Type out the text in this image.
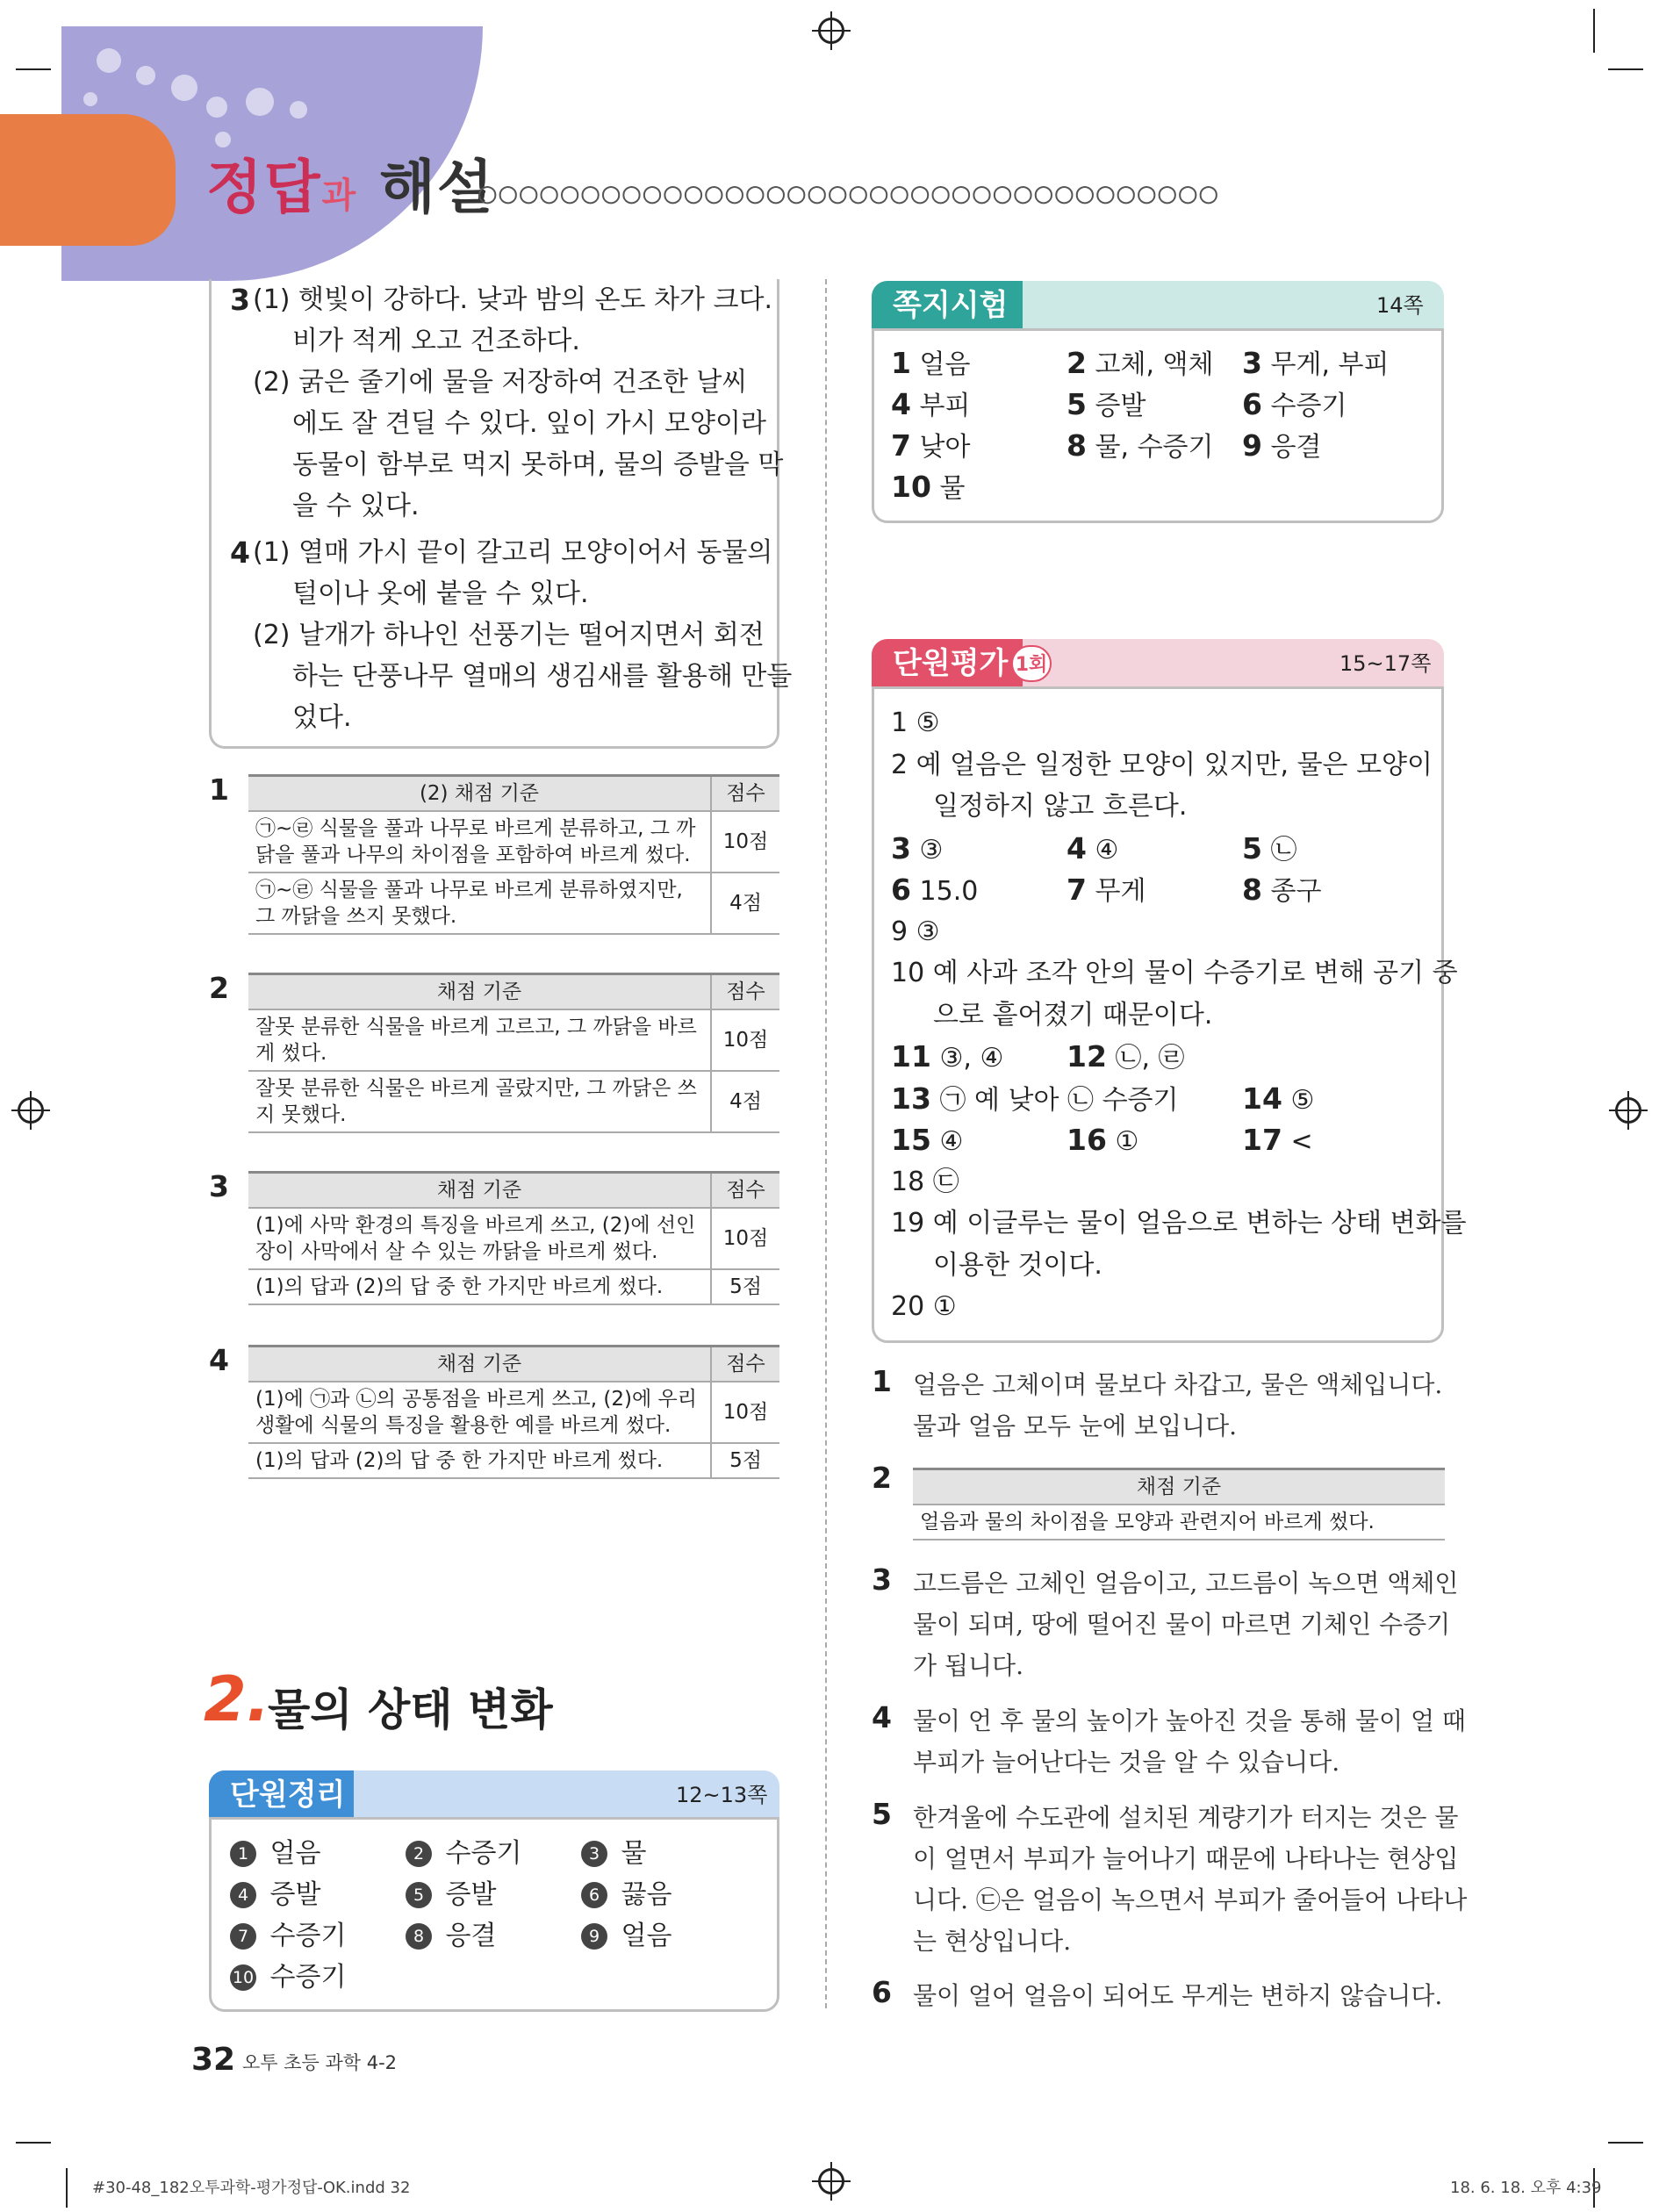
정답과 해설
○○○○○○○○○○○○○○○○○○○○○○○○○○○○○○○○○○○○
3 (1) 햇빛이 강하다. 낮과 밤의 온도 차가 크다.
비가 적게 오고 건조하다.
(2) 굵은 줄기에 물을 저장하여 건조한 날씨
에도 잘 견딜 수 있다. 잎이 가시 모양이라
동물이 함부로 먹지 못하며, 물의 증발을 막
을 수 있다.
4 (1) 열매 가시 끝이 갈고리 모양이어서 동물의
털이나 옷에 붙을 수 있다.
(2) 날개가 하나인 선풍기는 떨어지면서 회전
하는 단풍나무 열매의 생김새를 활용해 만들
었다.
1	(2) 채점 기준	점수
㉠~㉣ 식물을 풀과 나무로 바르게 분류하고, 그 까닭을 풀과 나무의 차이점을 포함하여 바르게 썼다.	10점
㉠~㉣ 식물을 풀과 나무로 바르게 분류하였지만, 그 까닭을 쓰지 못했다.	4점
2	채점 기준	점수
잘못 분류한 식물을 바르게 고르고, 그 까닭을 바르게 썼다.	10점
잘못 분류한 식물은 바르게 골랐지만, 그 까닭은 쓰지 못했다.	4점
3	채점 기준	점수
(1)에 사막 환경의 특징을 바르게 쓰고, (2)에 선인장이 사막에서 살 수 있는 까닭을 바르게 썼다.	10점
(1)의 답과 (2)의 답 중 한 가지만 바르게 썼다.	5점
4	채점 기준	점수
(1)에 ㉠과 ㉡의 공통점을 바르게 쓰고, (2)에 우리 생활에 식물의 특징을 활용한 예를 바르게 썼다.	10점
(1)의 답과 (2)의 답 중 한 가지만 바르게 썼다.	5점
2.
물의 상태 변화
단원정리	12~13쪽
1 얼음	2 수증기	3 물
4 증발	5 증발	6 끓음
7 수증기	8 응결	9 얼음
10 수증기
쪽지시험	14쪽
1 얼음	2 고체, 액체 3 무게, 부피
4 부피	5 증발	6 수증기
7 낮아	8 물, 수증기 9 응결
10 물
단원평가 1회	15~17쪽
1 ⑤
2 예 얼음은 일정한 모양이 있지만, 물은 모양이
일정하지 않고 흐른다.
9 ③
10 예 사과 조각 안의 물이 수증기로 변해 공기 중
으로 흩어졌기 때문이다.
18 ㉢
19 예 이글루는 물이 얼음으로 변하는 상태 변화를
이용한 것이다.
20 ①
3 ③	4 ④	5 ㉡
6 15.0	7 무게	8 종구
11 ③, ④ 12 ㉡, ㉣
13 ㉠ 예 낮아 ㉡ 수증기 14 ⑤
15 ④	16 ①	17 <
1 얼음은 고체이며 물보다 차갑고, 물은 액체입니다.
물과 얼음 모두 눈에 보입니다.
3 고드름은 고체인 얼음이고, 고드름이 녹으면 액체인
물이 되며, 땅에 떨어진 물이 마르면 기체인 수증기
가 됩니다.
4 물이 언 후 물의 높이가 높아진 것을 통해 물이 얼 때
부피가 늘어난다는 것을 알 수 있습니다.
5 한겨울에 수도관에 설치된 계량기가 터지는 것은 물
이 얼면서 부피가 늘어나기 때문에 나타나는 현상입
니다. ㉢은 얼음이 녹으면서 부피가 줄어들어 나타나
는 현상입니다.
6 물이 얼어 얼음이 되어도 무게는 변하지 않습니다.
2	채점 기준
얼음과 물의 차이점을 모양과 관련지어 바르게 썼다.
32 오투 초등 과학 4-2
#30-48_182오투과학-평가정답-OK.indd 32	18. 6. 18. 오후 4:39
